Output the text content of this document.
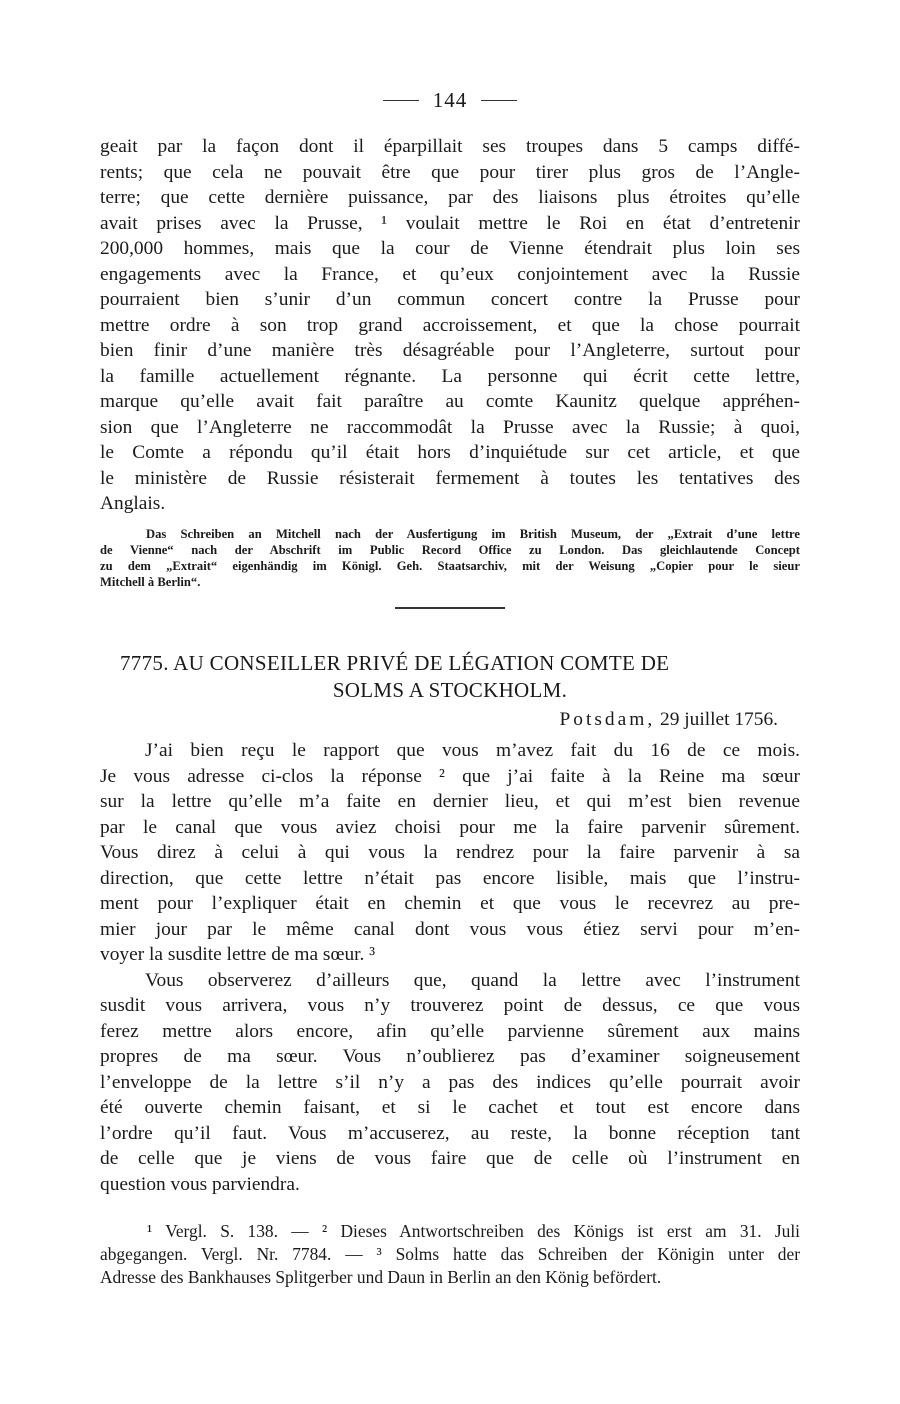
144
geait par la façon dont il éparpillait ses troupes dans 5 camps diffé-
rents; que cela ne pouvait être que pour tirer plus gros de l’Angle-
terre; que cette dernière puissance, par des liaisons plus étroites qu’elle
avait prises avec la Prusse, ¹ voulait mettre le Roi en état d’entretenir
200,000 hommes, mais que la cour de Vienne étendrait plus loin ses
engagements avec la France, et qu’eux conjointement avec la Russie
pourraient bien s’unir d’un commun concert contre la Prusse pour
mettre ordre à son trop grand accroissement, et que la chose pourrait
bien finir d’une manière très désagréable pour l’Angleterre, surtout pour
la famille actuellement régnante. La personne qui écrit cette lettre,
marque qu’elle avait fait paraître au comte Kaunitz quelque appréhen-
sion que l’Angleterre ne raccommodât la Prusse avec la Russie; à quoi,
le Comte a répondu qu’il était hors d’inquiétude sur cet article, et que
le ministère de Russie résisterait fermement à toutes les tentatives des
Anglais.
Das Schreiben an Mitchell nach der Ausfertigung im British Museum, der „Extrait d’une lettre
de Vienne“ nach der Abschrift im Public Record Office zu London. Das gleichlautende Concept
zu dem „Extrait“ eigenhändig im Königl. Geh. Staatsarchiv, mit der Weisung „Copier pour le sieur
Mitchell à Berlin“.
7775. AU CONSEILLER PRIVÉ DE LÉGATION COMTE DE
SOLMS A STOCKHOLM.
Potsdam, 29 juillet 1756.
J’ai bien reçu le rapport que vous m’avez fait du 16 de ce mois.
Je vous adresse ci-clos la réponse ² que j’ai faite à la Reine ma sœur
sur la lettre qu’elle m’a faite en dernier lieu, et qui m’est bien revenue
par le canal que vous aviez choisi pour me la faire parvenir sûrement.
Vous direz à celui à qui vous la rendrez pour la faire parvenir à sa
direction, que cette lettre n’était pas encore lisible, mais que l’instru-
ment pour l’expliquer était en chemin et que vous le recevrez au pre-
mier jour par le même canal dont vous vous étiez servi pour m’en-
voyer la susdite lettre de ma sœur. ³
Vous observerez d’ailleurs que, quand la lettre avec l’instrument
susdit vous arrivera, vous n’y trouverez point de dessus, ce que vous
ferez mettre alors encore, afin qu’elle parvienne sûrement aux mains
propres de ma sœur. Vous n’oublierez pas d’examiner soigneusement
l’enveloppe de la lettre s’il n’y a pas des indices qu’elle pourrait avoir
été ouverte chemin faisant, et si le cachet et tout est encore dans
l’ordre qu’il faut. Vous m’accuserez, au reste, la bonne réception tant
de celle que je viens de vous faire que de celle où l’instrument en
question vous parviendra.
¹ Vergl. S. 138. — ² Dieses Antwortschreiben des Königs ist erst am 31. Juli
abgegangen. Vergl. Nr. 7784. — ³ Solms hatte das Schreiben der Königin unter der
Adresse des Bankhauses Splitgerber und Daun in Berlin an den König befördert.
